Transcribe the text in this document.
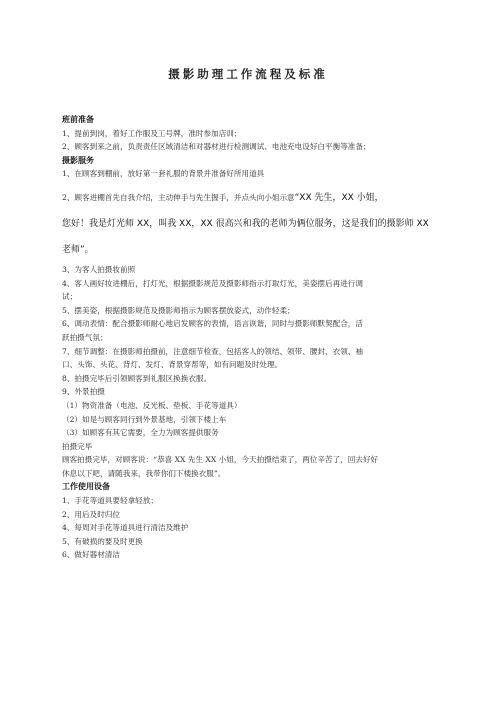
摄影助理工作流程及标准
班前准备
1、提前到岗，着好工作服及工号牌，准时参加店训；
2、顾客到来之前，负责责任区域清洁和对器材进行检测调试、电池充电设好白平衡等准备；
摄影服务
1、在顾客到棚前，放好第一套礼服的背景并准备好所用道具
2、顾客进棚首先自我介绍，主动伸手与先生握手，并点头向小姐示意“XX 先生，XX 小姐，
您好！我是灯光师 XX，叫我 XX，XX 很高兴和我的老师为俩位服务，这是我们的摄影师 XX
老师”。
3、为客人拍摄妆前照
4、客人画好妆进棚后，打灯光，根据摄影规范及摄影师指示打取灯光，美姿摆后再进行调
试；
5、摆美姿，根据摄影规范及摄影师指示为顾客摆放姿式，动作轻柔；
6、调动表情：配合摄影师耐心地启发顾客的表情，语言诙谐，同时与摄影师默契配合，活
跃拍摄气氛；
7、细节调整：在摄影师拍摄前，注意细节检查，包括客人的领结、领带、腰封、衣领、袖
口、头饰、头花、背灯、发灯、背景穿帮等，如有问题及时处理。
8、拍摄完毕后引领顾客到礼服区换换衣服。
9、外景拍摄
（1）物资准备（电池、反光板、垫板、手花等道具）
（2）如是与顾客同行到外景基地，引领下楼上车
（3）如顾客有其它需要，全力为顾客提供服务
拍摄完毕
顾客拍摄完毕，对顾客说：“恭喜 XX 先生 XX 小姐，今天拍摄结束了，两位辛苦了，回去好好
休息以下吧，请随我来，我带你们下楼换衣服”。
工作使用设备
1、手花等道具要轻拿轻放；
2、用后及时归位
4、每周对手花等道具进行清洁及维护
5、有破损的要及时更换
6、做好器材清洁
